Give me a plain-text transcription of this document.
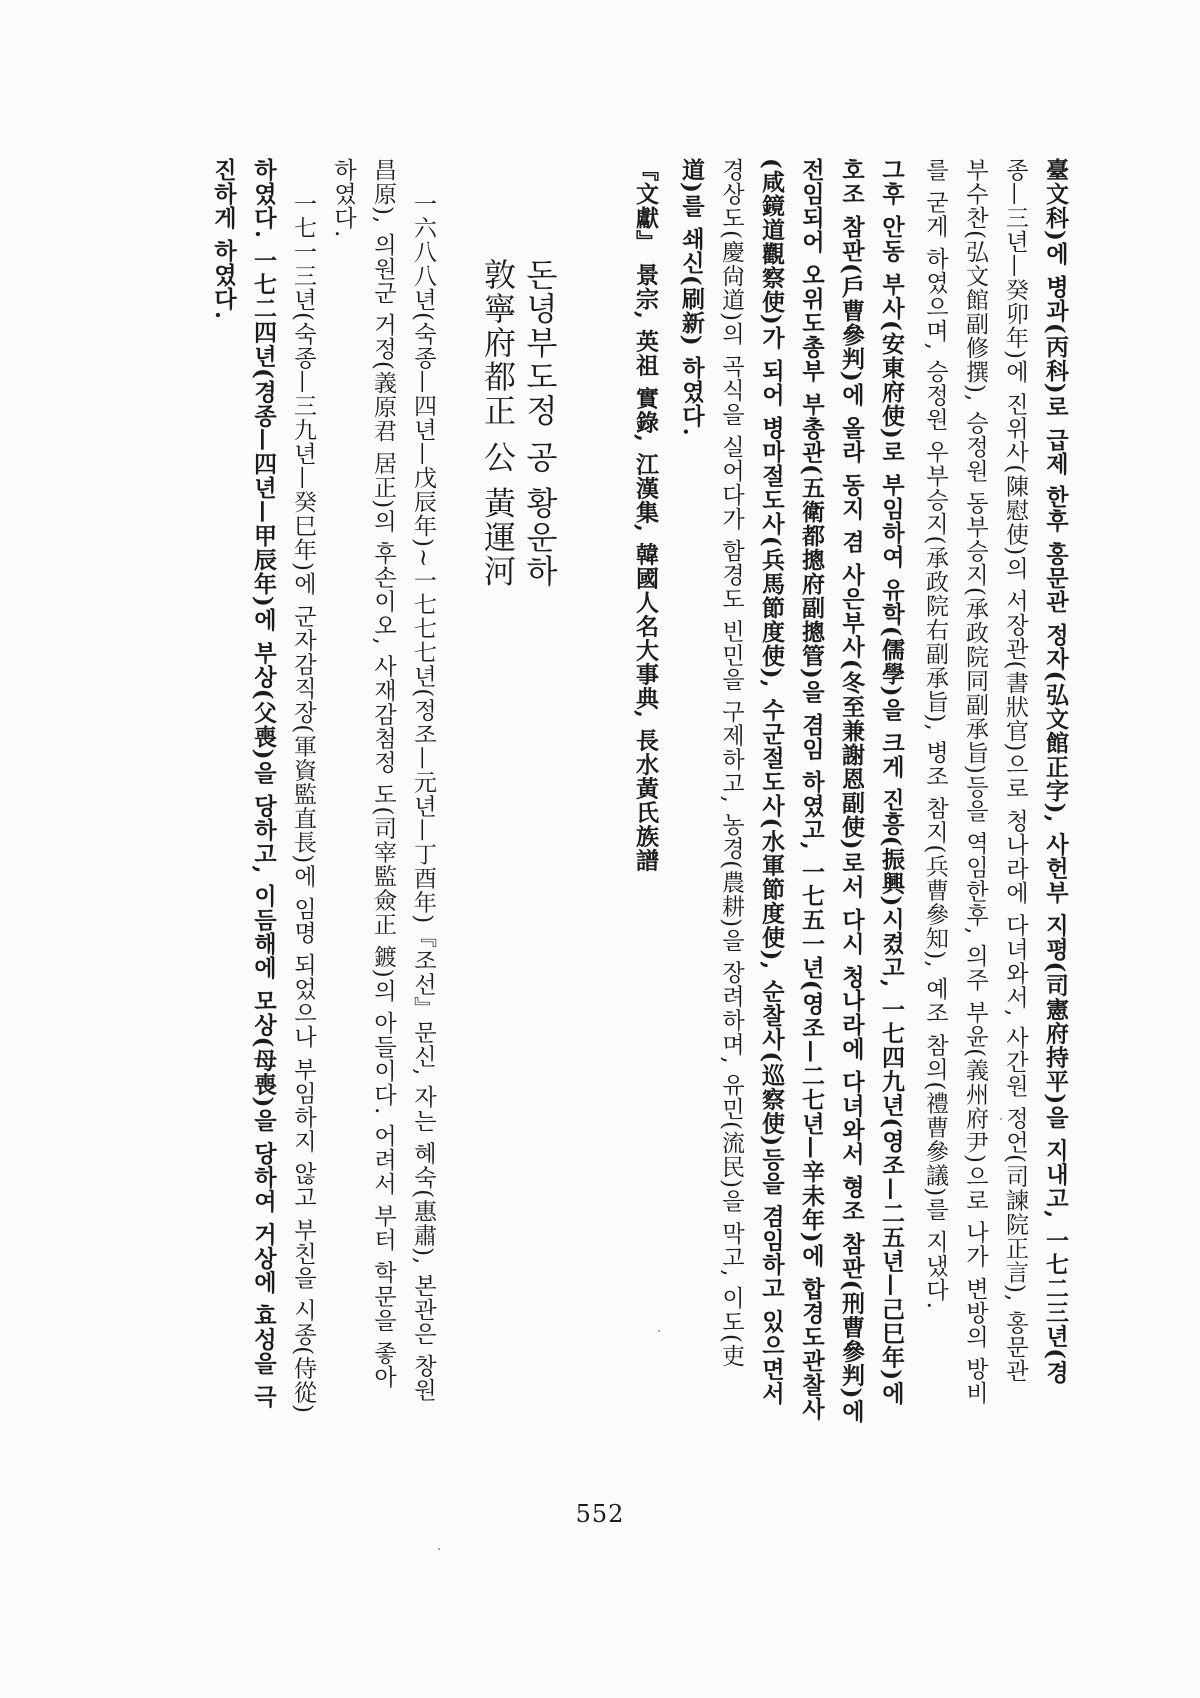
臺文科)에 병과(丙科)로 급제 한후 홍문관 정자(弘文館正字), 사헌부 지평(司憲府持平)을 지내고, 一七二三년(경
종—三년—癸卯年)에 진위사(陳慰使)의 서장관(書狀官)으로 청나라에 다녀와서, 사간원 정언(司諫院正言), 홍문관
부수찬(弘文館副修撰), 승정원 동부승지(承政院同副承旨)등을 역임한후, 의주 부윤(義州府尹)으로 나가 변방의 방비
를 굳게 하였으며, 승정원 우부승지(承政院右副承旨), 병조 참지(兵曹參知), 예조 참의(禮曹參議)를 지냈다.
그후 안동 부사(安東府使)로 부임하여 유학(儒學)을 크게 진흥(振興)시켰고, 一七四九년(영조—二五년—己巳年)에
호조 참판(戶曹參判)에 올라 동지 겸 사은부사(冬至兼謝恩副使)로서 다시 청나라에 다녀와서 형조 참판(刑曹參判)에
전임되어 오위도총부 부총관(五衛都摠府副摠管)을 겸임 하였고, 一七五一년(영조—二七년—辛未年)에 합경도관찰사
(咸鏡道觀察使)가 되어 병마절도사(兵馬節度使), 수군절도사(水軍節度使), 순찰사(巡察使)등을 겸임하고 있으면서
경상도(慶尙道)의 곡식을 실어다가 함경도 빈민을 구제하고, 농경(農耕)을 장려하며, 유민(流民)을 막고, 이도(吏
道)를 쇄신(刷新) 하였다.
『文獻』 景宗, 英祖 實錄, 江漢集, 韓國人名大事典, 長水黃氏族譜
돈녕부도정 공 황운하
敦寧府都正 公 黃運河
一六八八년(숙종—四년—戊辰年)~一七七七년(정조—元년—丁酉年)『조선』문신, 자는 혜숙(惠肅), 본관은 창원
昌原), 의원군 거정(義原君 居正)의 후손이오, 사재감첨정 도(司宰監僉正 鍍)의 아들이다. 어려서 부터 학문을 좋아
하였다.
一七一三년(숙종—三九년—癸巳年)에 군자감직장(軍資監直長)에 임명 되었으나 부임하지 않고 부친을 시종(侍從)
하였다. 一七二四년(경종—四년—甲辰年)에 부상(父喪)을 당하고, 이듬해에 모상(母喪)을 당하여 거상에 효성을 극
진하게 하였다.
552
